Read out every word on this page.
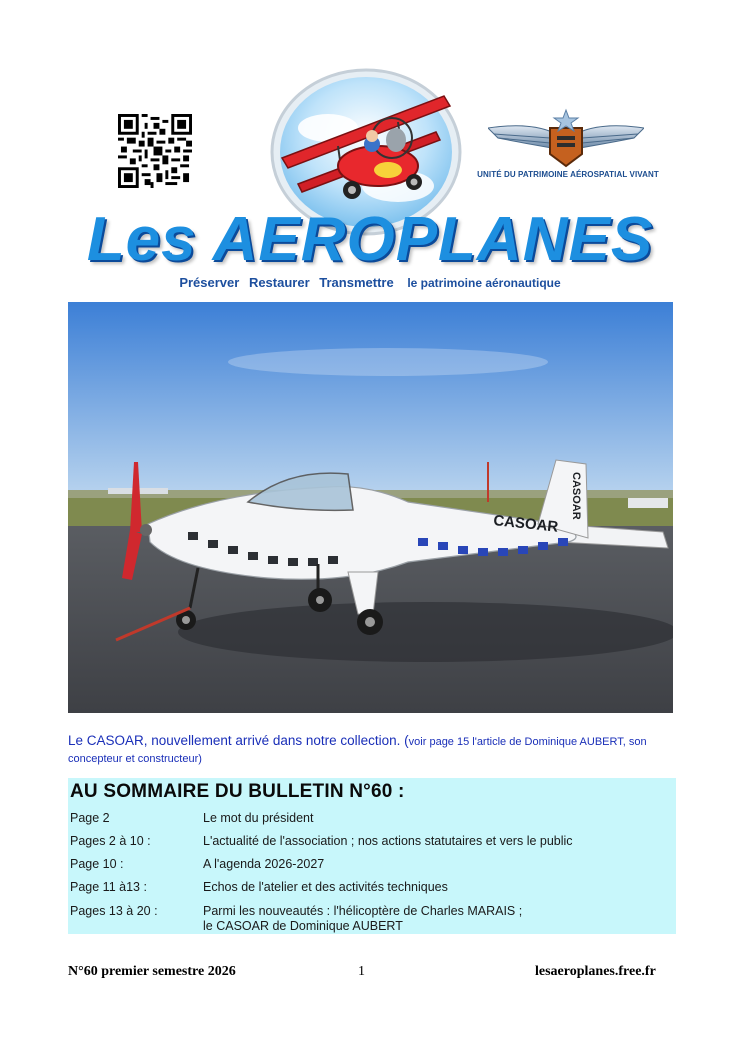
UNITÉ DU PATRIMOINE AÉROSPATIAL VIVANT
Les AEROPLANES
Préserver Restaurer Transmettre le patrimoine aéronautique
CASOAR
CASOAR
Le CASOAR, nouvellement arrivé dans notre collection. (voir page 15 l'article de Dominique AUBERT, son concepteur et constructeur)
AU SOMMAIRE DU BULLETIN N°60 :
Page 2	Le mot du président
Pages 2 à 10 :	L'actualité de l'association ; nos actions statutaires et vers le public
Page 10 :	A l'agenda 2026-2027
Page 11 à13 :	Echos de l'atelier et des activités techniques
Pages 13 à 20 :	Parmi les nouveautés : l'hélicoptère de Charles MARAIS ;
le CASOAR de Dominique AUBERT
N°60 premier semestre 2026	1	lesaeroplanes.free.fr
